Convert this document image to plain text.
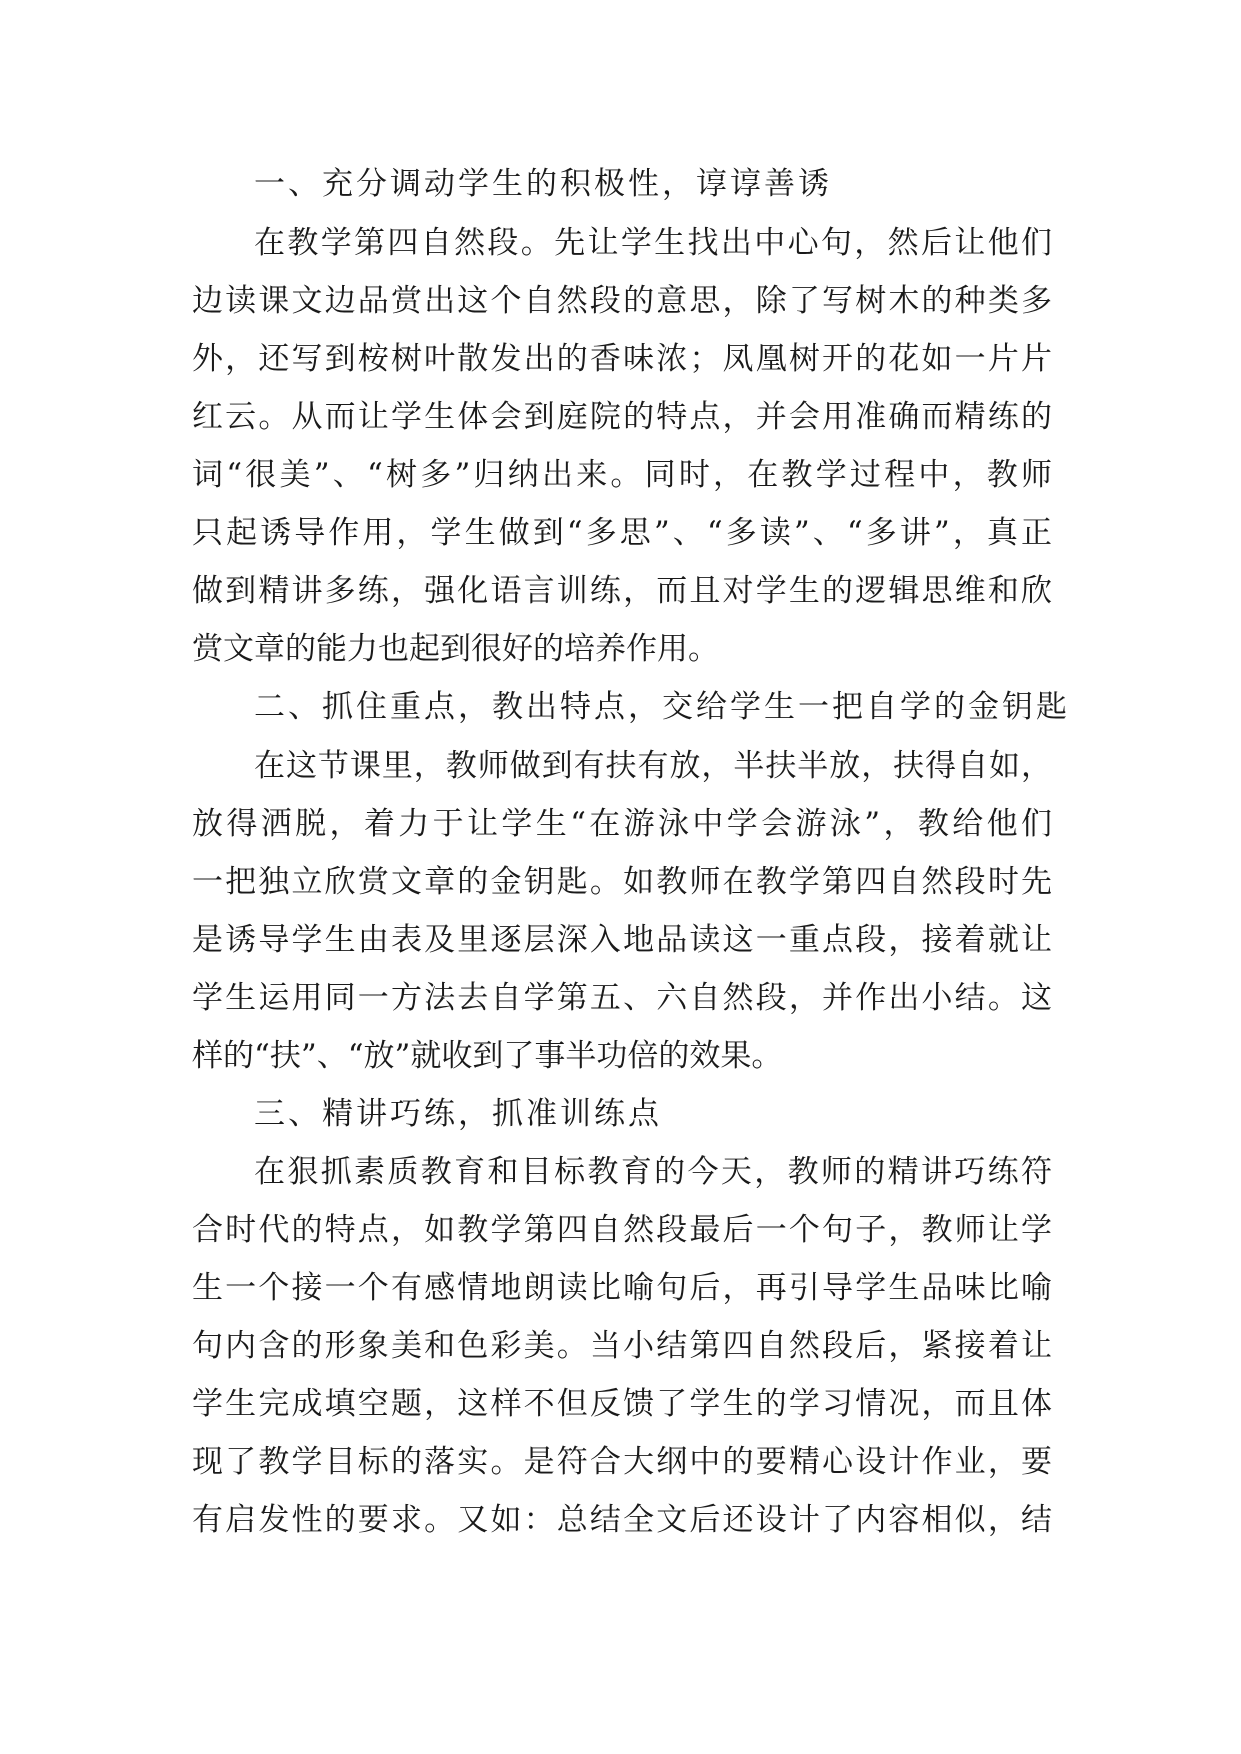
一、充分调动学生的积极性，谆谆善诱
在教学第四自然段。先让学生找出中心句，然后让他们
边读课文边品赏出这个自然段的意思，除了写树木的种类多
外，还写到桉树叶散发出的香味浓；凤凰树开的花如一片片
红云。从而让学生体会到庭院的特点，并会用准确而精练的
词“很美”、“树多”归纳出来。同时，在教学过程中，教师
只起诱导作用，学生做到“多思”、“多读”、“多讲”，真正
做到精讲多练，强化语言训练，而且对学生的逻辑思维和欣
赏文章的能力也起到很好的培养作用。
二、抓住重点，教出特点，交给学生一把自学的金钥匙
在这节课里，教师做到有扶有放，半扶半放，扶得自如，
放得洒脱，着力于让学生“在游泳中学会游泳”，教给他们
一把独立欣赏文章的金钥匙。如教师在教学第四自然段时先
是诱导学生由表及里逐层深入地品读这一重点段，接着就让
学生运用同一方法去自学第五、六自然段，并作出小结。这
样的“扶”、“放”就收到了事半功倍的效果。
三、精讲巧练，抓准训练点
在狠抓素质教育和目标教育的今天，教师的精讲巧练符
合时代的特点，如教学第四自然段最后一个句子，教师让学
生一个接一个有感情地朗读比喻句后，再引导学生品味比喻
句内含的形象美和色彩美。当小结第四自然段后，紧接着让
学生完成填空题，这样不但反馈了学生的学习情况，而且体
现了教学目标的落实。是符合大纲中的要精心设计作业，要
有启发性的要求。又如：总结全文后还设计了内容相似，结
